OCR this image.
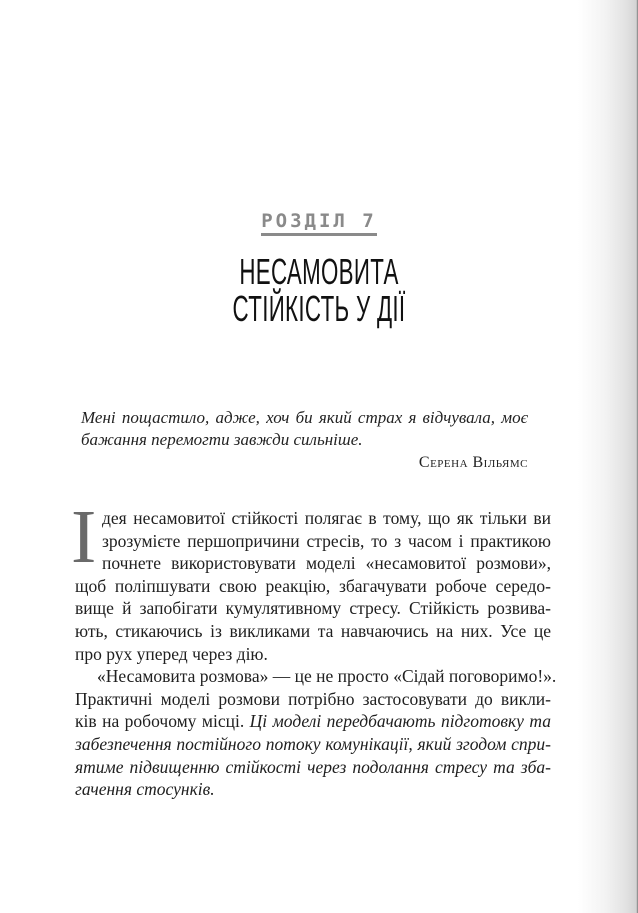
РОЗДІЛ 7
НЕСАМОВИТА
СТІЙКІСТЬ У ДІЇ
Мені пощастило, адже, хоч би який страх я відчувала, моє
бажання перемогти завжди сильніше.
Серена Вільямс
І дея несамовитої стійкості полягає в тому, що як тільки ви
зрозумієте першопричини стресів, то з часом і практикою
почнете використовувати моделі «несамовитої розмови»,
щоб поліпшувати свою реакцію, збагачувати робоче середо-
вище й запобігати кумулятивному стресу. Стійкість розвива-
ють, стикаючись із викликами та навчаючись на них. Усе це
про рух уперед через дію.
«Несамовита розмова» — це не просто «Сідай поговоримо!».
Практичні моделі розмови потрібно застосовувати до викли-
ків на робочому місці. Ці моделі передбачають підготовку та
забезпечення постійного потоку комунікації, який згодом спри-
ятиме підвищенню стійкості через подолання стресу та зба-
гачення стосунків.
